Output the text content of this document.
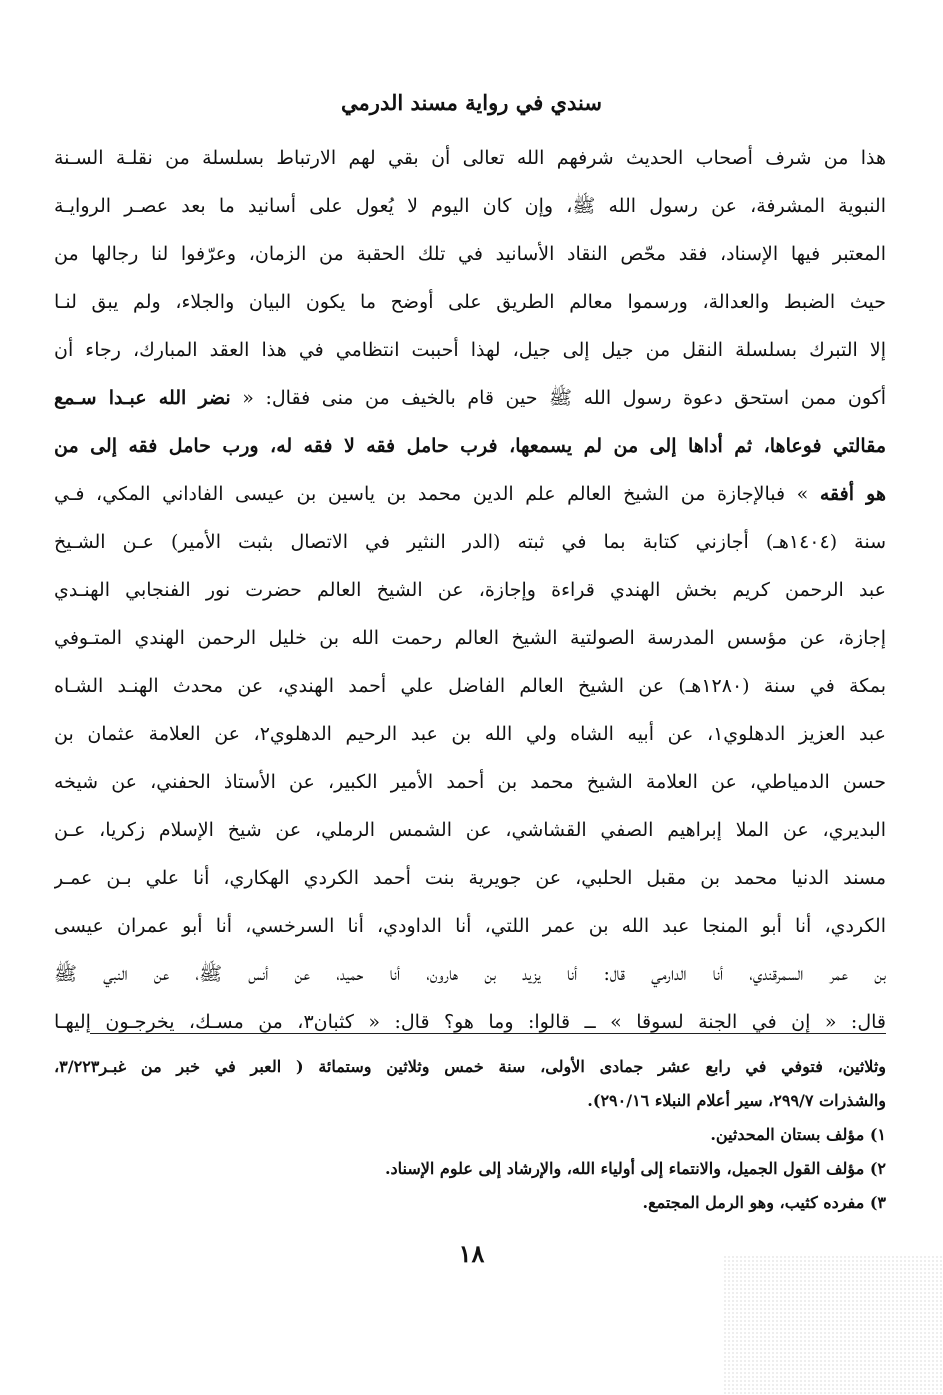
سندي في رواية مسند الدرمي
هذا من شرف أصحاب الحديث شرفهم الله تعالى أن بقي لهم الارتباط بسلسلة من نقلـة السـنة
النبوية المشرفة، عن رسول الله ﷺ، وإن كان اليوم لا يُعول على أسانيد ما بعد عصـر الروايـة
المعتبر فيها الإسناد، فقد محّص النقاد الأسانيد في تلك الحقبة من الزمان، وعرّفوا لنا رجالها من
حيث الضبط والعدالة، ورسموا معالم الطريق على أوضح ما يكون البيان والجلاء، ولم يبق لنـا
إلا التبرك بسلسلة النقل من جيل إلى جيل، لهذا أحببت انتظامي في هذا العقد المبارك، رجاء أن
أكون ممن استحق دعوة رسول الله ﷺ حين قام بالخيف من منى فقال: « نضر الله عبـدا سـمع
مقالتي فوعاها، ثم أداها إلى من لم يسمعها، فرب حامل فقه لا فقه له، ورب حامل فقه إلى من
هو أفقه » فبالإجازة من الشيخ العالم علم الدين محمد بن ياسين بن عيسى الفاداني المكي، فـي
سنة (١٤٠٤هـ) أجازني كتابة بما في ثبته (الدر النثير في الاتصال بثبت الأمير) عـن الشـيخ
عبد الرحمن كريم بخش الهندي قراءة وإجازة، عن الشيخ العالم حضرت نور الفنجابي الهنـدي
إجازة، عن مؤسس المدرسة الصولتية الشيخ العالم رحمت الله بن خليل الرحمن الهندي المتـوفي
بمكة في سنة (١٢٨٠هـ) عن الشيخ العالم الفاضل علي أحمد الهندي، عن محدث الهنـد الشـاه
عبد العزيز الدهلوي١، عن أبيه الشاه ولي الله بن عبد الرحيم الدهلوي٢، عن العلامة عثمان بن
حسن الدمياطي، عن العلامة الشيخ محمد بن أحمد الأمير الكبير، عن الأستاذ الحفني، عن شيخه
البديري، عن الملا إبراهيم الصفي القشاشي، عن الشمس الرملي، عن شيخ الإسلام زكريا، عـن
مسند الدنيا محمد بن مقبل الحلبي، عن جويرية بنت أحمد الكردي الهكاري، أنا علي بـن عمـر
الكردي، أنا أبو المنجا عبد الله بن عمر اللتي، أنا الداودي، أنا السرخسي، أنا أبو عمران عيسى
بن عمر السمرقندي، أنا الدارمي قال: أنا يزيد بن هارون، أنا حميد، عن أنس ﷺ، عن النبي ﷺ
قال: « إن في الجنة لسوقا » ــ قالوا: وما هو؟ قال: « كثبان٣، من مسـك، يخرجـون إليهـا
وثلاثين، فتوفي في رابع عشر جمادى الأولى، سنة خمس وثلاثين وستمائة ( العبر في خبر من غبـر٣/٢٢٣،
والشذرات ٢٩٩/٧، سير أعلام النبلاء ٢٩٠/١٦).
١) مؤلف بستان المحدثين.
٢) مؤلف القول الجميل، والانتماء إلى أولياء الله، والإرشاد إلى علوم الإسناد.
٣) مفرده كثيب، وهو الرمل المجتمع.
١٨
